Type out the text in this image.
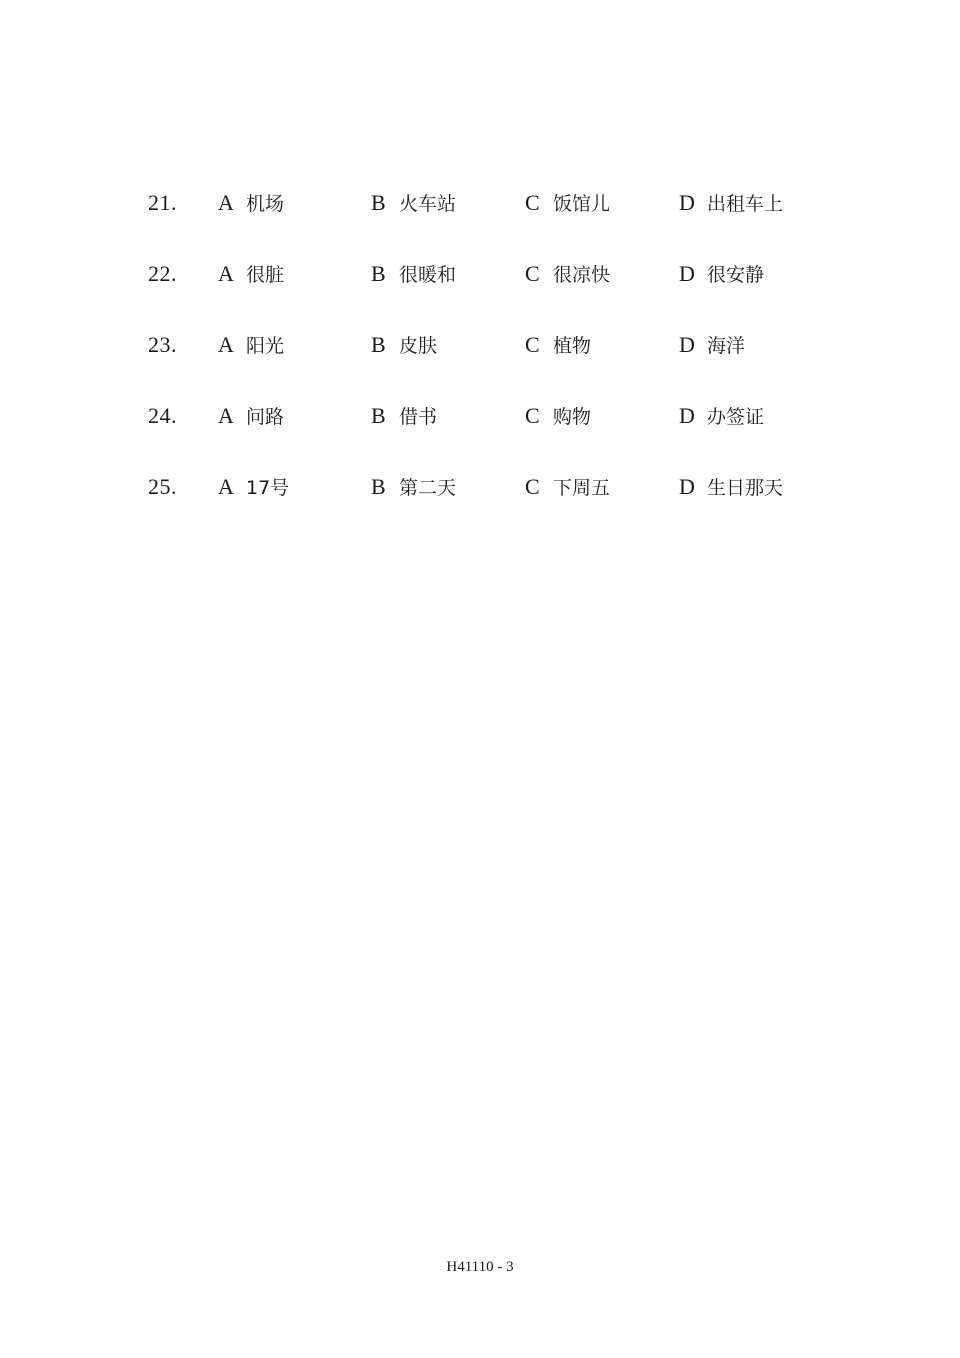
21. A 机场	B 火车站	C 饭馆儿	D 出租车上
22. A 很脏	B 很暖和	C 很凉快	D 很安静
23. A 阳光	B 皮肤	C 植物	D 海洋
24. A 问路	B 借书	C 购物	D 办签证
25. A 17号	B 第二天	C 下周五	D 生日那天
H41110 - 3
